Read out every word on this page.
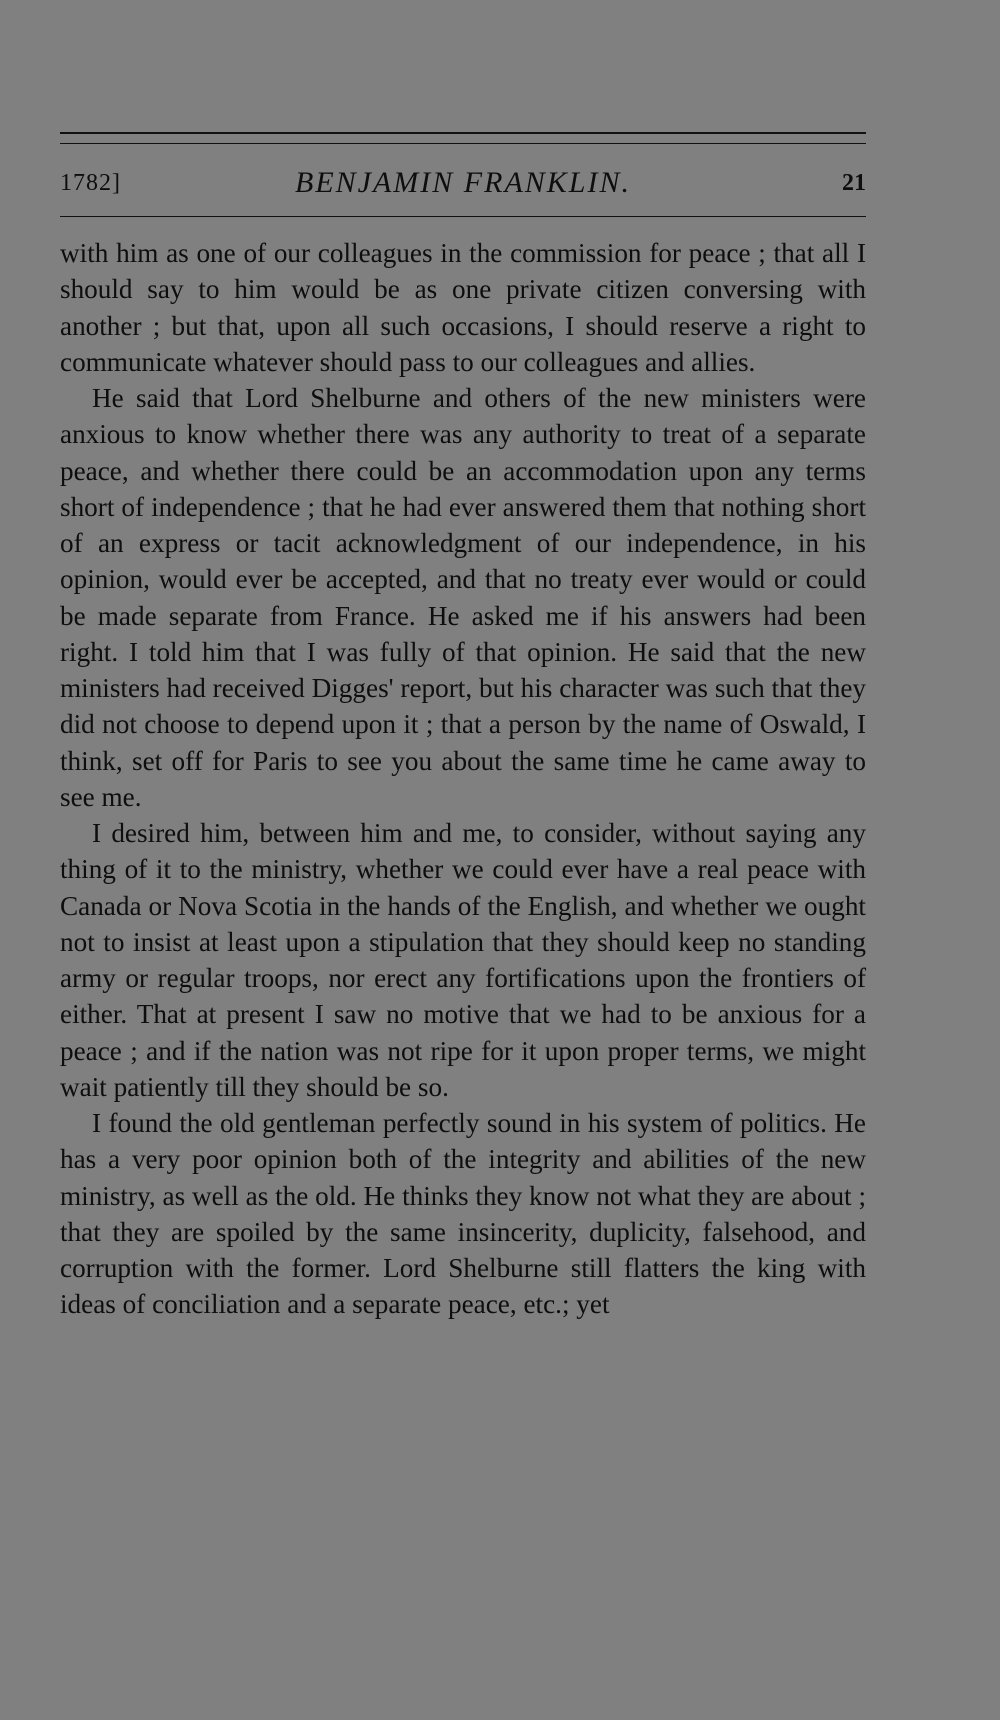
1782]	BENJAMIN FRANKLIN.	21

with him as one of our colleagues in the commission for peace ; that all I should say to him would be as one private citizen conversing with another ; but that, upon all such occasions, I should reserve a right to communicate whatever should pass to our colleagues and allies.

He said that Lord Shelburne and others of the new ministers were anxious to know whether there was any authority to treat of a separate peace, and whether there could be an accommodation upon any terms short of independence ; that he had ever answered them that nothing short of an express or tacit acknowledgment of our independence, in his opinion, would ever be accepted, and that no treaty ever would or could be made separate from France. He asked me if his answers had been right. I told him that I was fully of that opinion. He said that the new ministers had received Digges' report, but his character was such that they did not choose to depend upon it ; that a person by the name of Oswald, I think, set off for Paris to see you about the same time he came away to see me.

I desired him, between him and me, to consider, without saying any thing of it to the ministry, whether we could ever have a real peace with Canada or Nova Scotia in the hands of the English, and whether we ought not to insist at least upon a stipulation that they should keep no standing army or regular troops, nor erect any fortifications upon the frontiers of either. That at present I saw no motive that we had to be anxious for a peace ; and if the nation was not ripe for it upon proper terms, we might wait patiently till they should be so.

I found the old gentleman perfectly sound in his system of politics. He has a very poor opinion both of the integrity and abilities of the new ministry, as well as the old. He thinks they know not what they are about ; that they are spoiled by the same insincerity, duplicity, falsehood, and corruption with the former. Lord Shelburne still flatters the king with ideas of conciliation and a separate peace, etc.; yet
